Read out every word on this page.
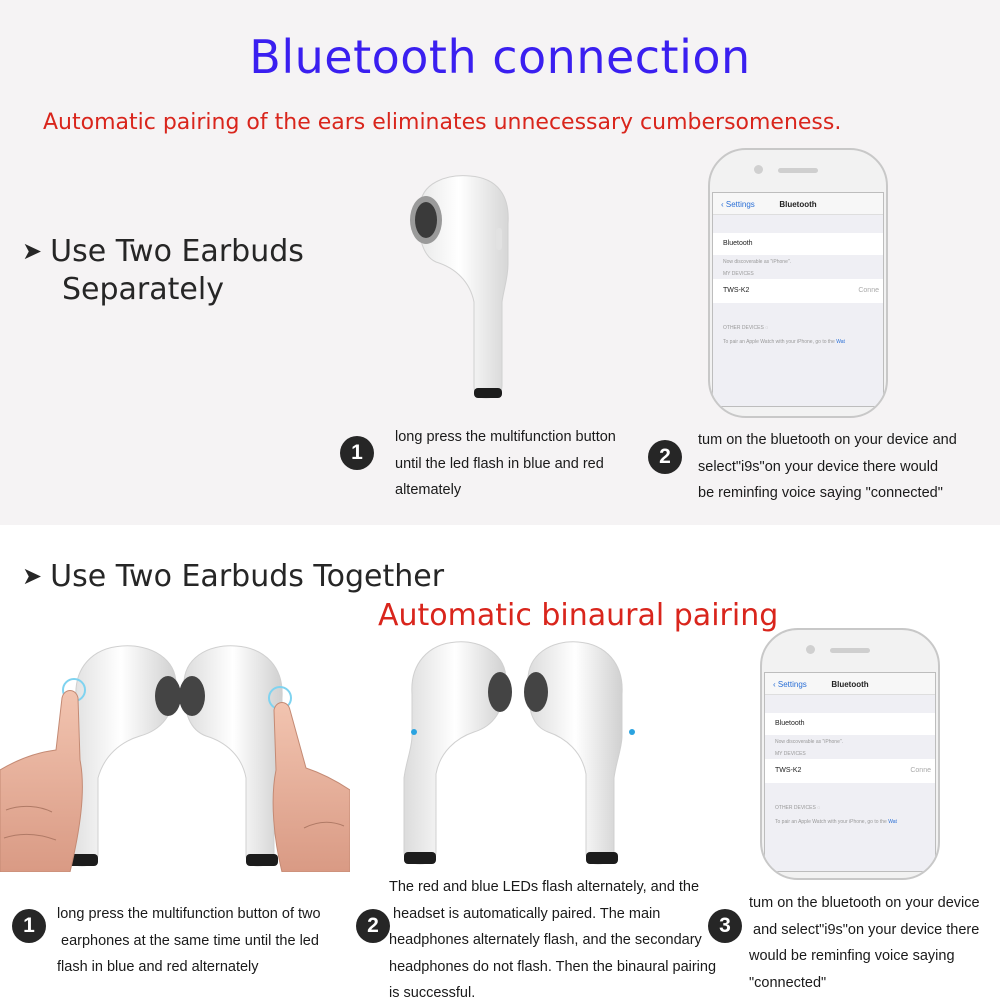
Bluetooth connection
Automatic pairing of the ears eliminates unnecessary cumbersomeness.
➤ Use Two Earbuds
Separately
‹ Settings	Bluetooth
Bluetooth
Now discoverable as "iPhone".
MY DEVICES
TWS-K2	Conne
OTHER DEVICES ◌
To pair an Apple Watch with your iPhone, go to the Wat
1
long press the multifunction button
until the led flash in blue and red
altemately
2
tum on the bluetooth on your device and
select"i9s"on your device there would
be reminfing voice saying "connected"
➤ Use Two Earbuds Together
Automatic binaural pairing
‹ Settings	Bluetooth
Bluetooth
Now discoverable as "iPhone".
MY DEVICES
TWS-K2	Conne
OTHER DEVICES ◌
To pair an Apple Watch with your iPhone, go to the Wat
1	long press the multifunction button of two
earphones at the same time until the led
flash in blue and red alternately
2
The red and blue LEDs flash alternately, and the
headset is automatically paired. The main
headphones alternately flash, and the secondary
headphones do not flash. Then the binaural pairing
is successful.
3
tum on the bluetooth on your device
and select"i9s"on your device there
would be reminfing voice saying
"connected"
